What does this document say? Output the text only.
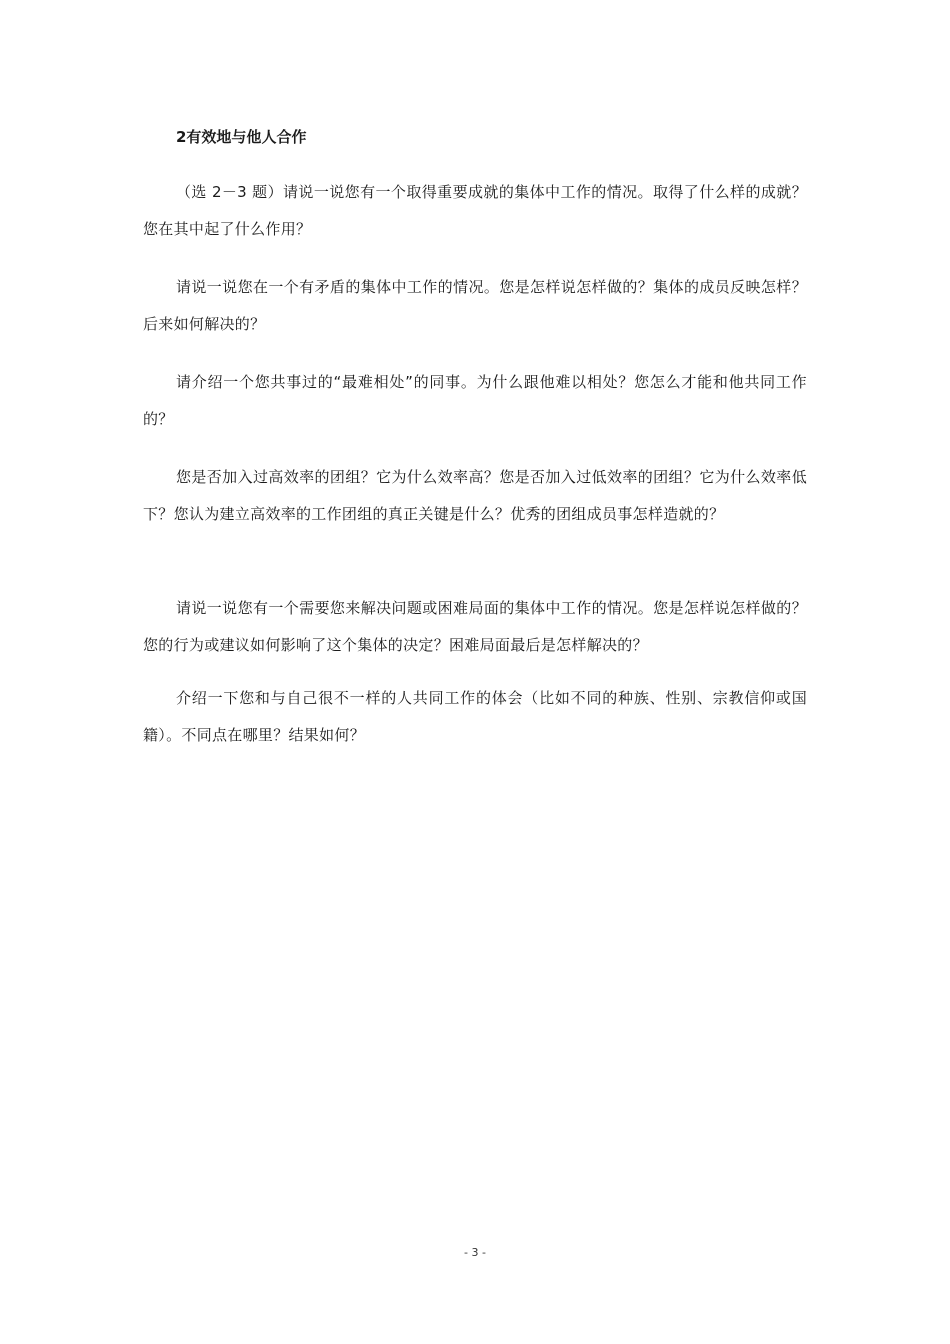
2有效地与他人合作

（选 2－3 题）请说一说您有一个取得重要成就的集体中工作的情况。取得了什么样的成就？您在其中起了什么作用？

请说一说您在一个有矛盾的集体中工作的情况。您是怎样说怎样做的？集体的成员反映怎样？后来如何解决的？

请介绍一个您共事过的“最难相处”的同事。为什么跟他难以相处？您怎么才能和他共同工作的？

您是否加入过高效率的团组？它为什么效率高？您是否加入过低效率的团组？它为什么效率低下？您认为建立高效率的工作团组的真正关键是什么？优秀的团组成员事怎样造就的？

请说一说您有一个需要您来解决问题或困难局面的集体中工作的情况。您是怎样说怎样做的？您的行为或建议如何影响了这个集体的决定？困难局面最后是怎样解决的？

介绍一下您和与自己很不一样的人共同工作的体会（比如不同的种族、性别、宗教信仰或国籍）。不同点在哪里？结果如何？

- 3 -
